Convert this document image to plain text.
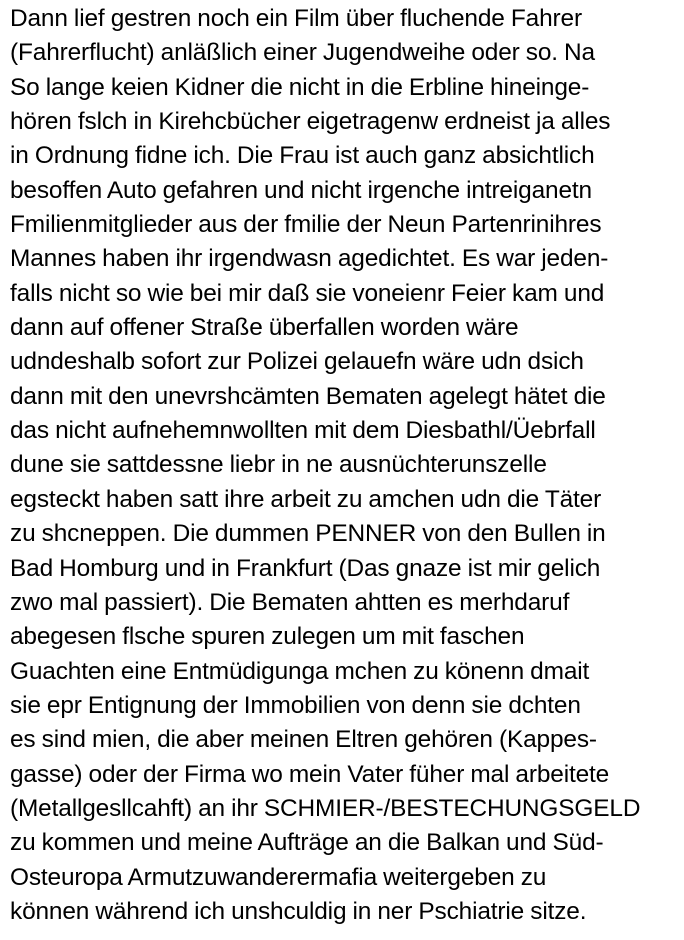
Dann lief gestren noch ein Film über fluchende Fahrer
(Fahrerflucht) anläßlich einer Jugendweihe oder so. Na
So lange keien Kidner die nicht in die Erbline hineinge-
hören fslch in Kirehcbücher eigetragenw erdneist ja alles
in Ordnung fidne ich. Die Frau ist auch ganz absichtlich
besoffen Auto gefahren und nicht irgenche intreiganetn
Fmilienmitglieder aus der fmilie der Neun Partenrinihres
Mannes haben ihr irgendwasn agedichtet. Es war jeden-
falls nicht so wie bei mir daß sie voneienr Feier kam und
dann auf offener Straße überfallen worden wäre
udndeshalb sofort zur Polizei gelauefn wäre udn dsich
dann mit den unevrshcämten Bematen agelegt hätet die
das nicht aufnehemnwollten mit dem Diesbathl/Üebrfall
dune sie sattdessne liebr in ne ausnüchterunszelle
egsteckt haben satt ihre arbeit zu amchen udn die Täter
zu shcneppen. Die dummen PENNER von den Bullen in
Bad Homburg und in Frankfurt (Das gnaze ist mir gelich
zwo mal passiert). Die Bematen ahtten es merhdaruf
abegesen flsche spuren zulegen um mit faschen
Guachten eine Entmüdigunga mchen zu könenn dmait
sie epr Entignung der Immobilien von denn sie dchten
es sind mien, die aber meinen Eltren gehören (Kappes-
gasse) oder der Firma wo mein Vater füher mal arbeitete
(Metallgesllcahft) an ihr SCHMIER-/BESTECHUNGSGELD
zu kommen und meine Aufträge an die Balkan und Süd-
Osteuropa Armutzuwanderermafia weitergeben zu
können während ich unshculdig in ner Pschiatrie sitze.
